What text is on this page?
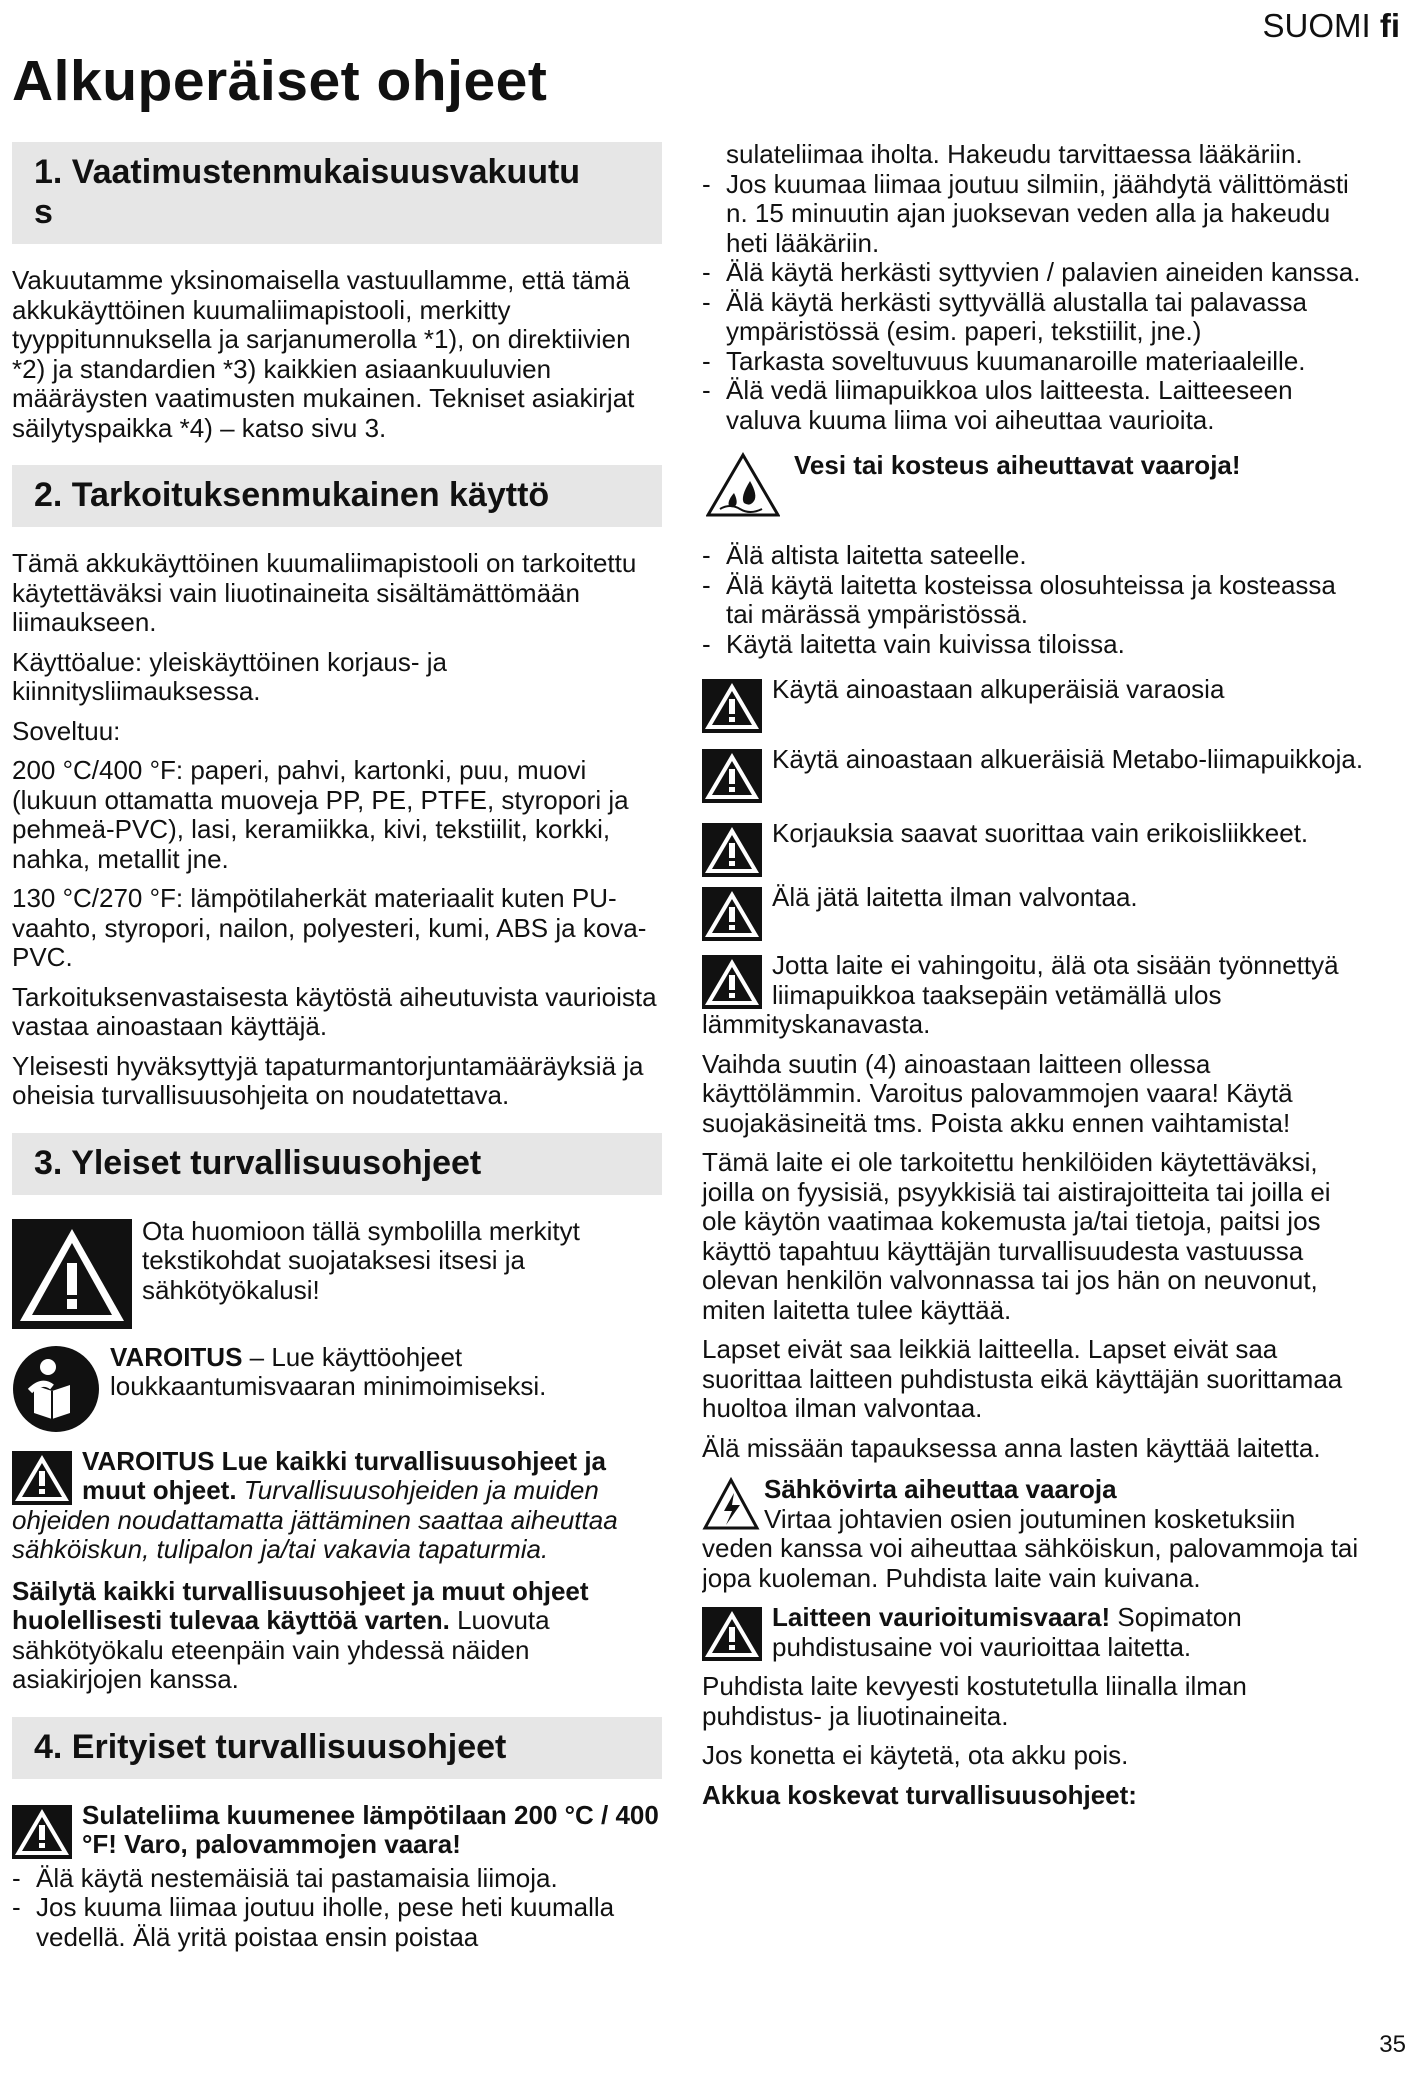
SUOMI fi
Alkuperäiset ohjeet
1. Vaatimustenmukaisuusvakuutu
s

Vakuutamme yksinomaisella vastuullamme, että tämä akkukäyttöinen kuumaliimapistooli, merkitty tyyppitunnuksella ja sarjanumerolla *1), on direktiivien *2) ja standardien *3) kaikkien asiaankuuluvien määräysten vaatimusten mukainen. Tekniset asiakirjat säilytyspaikka *4) – katso sivu 3.

2. Tarkoituksenmukainen käyttö

Tämä akkukäyttöinen kuumaliimapistooli on tarkoitettu käytettäväksi vain liuotinaineita sisältämättömään liimaukseen.

Käyttöalue: yleiskäyttöinen korjaus- ja kiinnitysliimauksessa.

Soveltuu:

200 °C/400 °F: paperi, pahvi, kartonki, puu, muovi (lukuun ottamatta muoveja PP, PE, PTFE, styropori ja pehmeä-PVC), lasi, keramiikka, kivi, tekstiilit, korkki, nahka, metallit jne.

130 °C/270 °F: lämpötilaherkät materiaalit kuten PU-vaahto, styropori, nailon, polyesteri, kumi, ABS ja kova-PVC.

Tarkoituksenvastaisesta käytöstä aiheutuvista vaurioista vastaa ainoastaan käyttäjä.

Yleisesti hyväksyttyjä tapaturmantorjuntamääräyksiä ja oheisia turvallisuusohjeita on noudatettava.

3. Yleiset turvallisuusohjeet
Ota huomioon tällä symbolilla merkityt tekstikohdat suojataksesi itsesi ja sähkötyökalusi!
VAROITUS – Lue käyttöohjeet loukkaantumisvaaran minimoimiseksi.
VAROITUS Lue kaikki turvallisuusohjeet ja muut ohjeet. Turvallisuusohjeiden ja muiden ohjeiden noudattamatta jättäminen saattaa aiheuttaa sähköiskun, tulipalon ja/tai vakavia tapaturmia.

Säilytä kaikki turvallisuusohjeet ja muut ohjeet huolellisesti tulevaa käyttöä varten. Luovuta sähkötyökalu eteenpäin vain yhdessä näiden asiakirjojen kanssa.

4. Erityiset turvallisuusohjeet
Sulateliima kuumenee lämpötilaan 200 °C / 400 °F! Varo, palovammojen vaara!
- Älä käytä nestemäisiä tai pastamaisia liimoja.
- Jos kuuma liimaa joutuu iholle, pese heti kuumalla vedellä. Älä yritä poistaa ensin poistaa
sulateliimaa iholta. Hakeudu tarvittaessa lääkäriin.
- Jos kuumaa liimaa joutuu silmiin, jäähdytä välittömästi n. 15 minuutin ajan juoksevan veden alla ja hakeudu heti lääkäriin.
- Älä käytä herkästi syttyvien / palavien aineiden kanssa.
- Älä käytä herkästi syttyvällä alustalla tai palavassa ympäristössä (esim. paperi, tekstiilit, jne.)
- Tarkasta soveltuvuus kuumanaroille materiaaleille.
- Älä vedä liimapuikkoa ulos laitteesta. Laitteeseen valuva kuuma liima voi aiheuttaa vaurioita.
Vesi tai kosteus aiheuttavat vaaroja!
- Älä altista laitetta sateelle.
- Älä käytä laitetta kosteissa olosuhteissa ja kosteassa tai märässä ympäristössä.
- Käytä laitetta vain kuivissa tiloissa.
Käytä ainoastaan alkuperäisiä varaosia
Käytä ainoastaan alkueräisiä Metabo-liimapuikkoja.
Korjauksia saavat suorittaa vain erikoisliikkeet.
Älä jätä laitetta ilman valvontaa.
Jotta laite ei vahingoitu, älä ota sisään työnnettyä liimapuikkoa taaksepäin vetämällä ulos lämmityskanavasta.

Vaihda suutin (4) ainoastaan laitteen ollessa käyttölämmin. Varoitus palovammojen vaara! Käytä suojakäsineitä tms. Poista akku ennen vaihtamista!

Tämä laite ei ole tarkoitettu henkilöiden käytettäväksi, joilla on fyysisiä, psyykkisiä tai aistirajoitteita tai joilla ei ole käytön vaatimaa kokemusta ja/tai tietoja, paitsi jos käyttö tapahtuu käyttäjän turvallisuudesta vastuussa olevan henkilön valvonnassa tai jos hän on neuvonut, miten laitetta tulee käyttää.

Lapset eivät saa leikkiä laitteella. Lapset eivät saa suorittaa laitteen puhdistusta eikä käyttäjän suorittamaa huoltoa ilman valvontaa.

Älä missään tapauksessa anna lasten käyttää laitetta.

Sähkövirta aiheuttaa vaaroja
Virtaa johtavien osien joutuminen kosketuksiin veden kanssa voi aiheuttaa sähköiskun, palovammoja tai jopa kuoleman. Puhdista laite vain kuivana.
Laitteen vaurioitumisvaara! Sopimaton puhdistusaine voi vaurioittaa laitetta.

Puhdista laite kevyesti kostutetulla liinalla ilman puhdistus- ja liuotinaineita.

Jos konetta ei käytetä, ota akku pois.

Akkua koskevat turvallisuusohjeet:

35
